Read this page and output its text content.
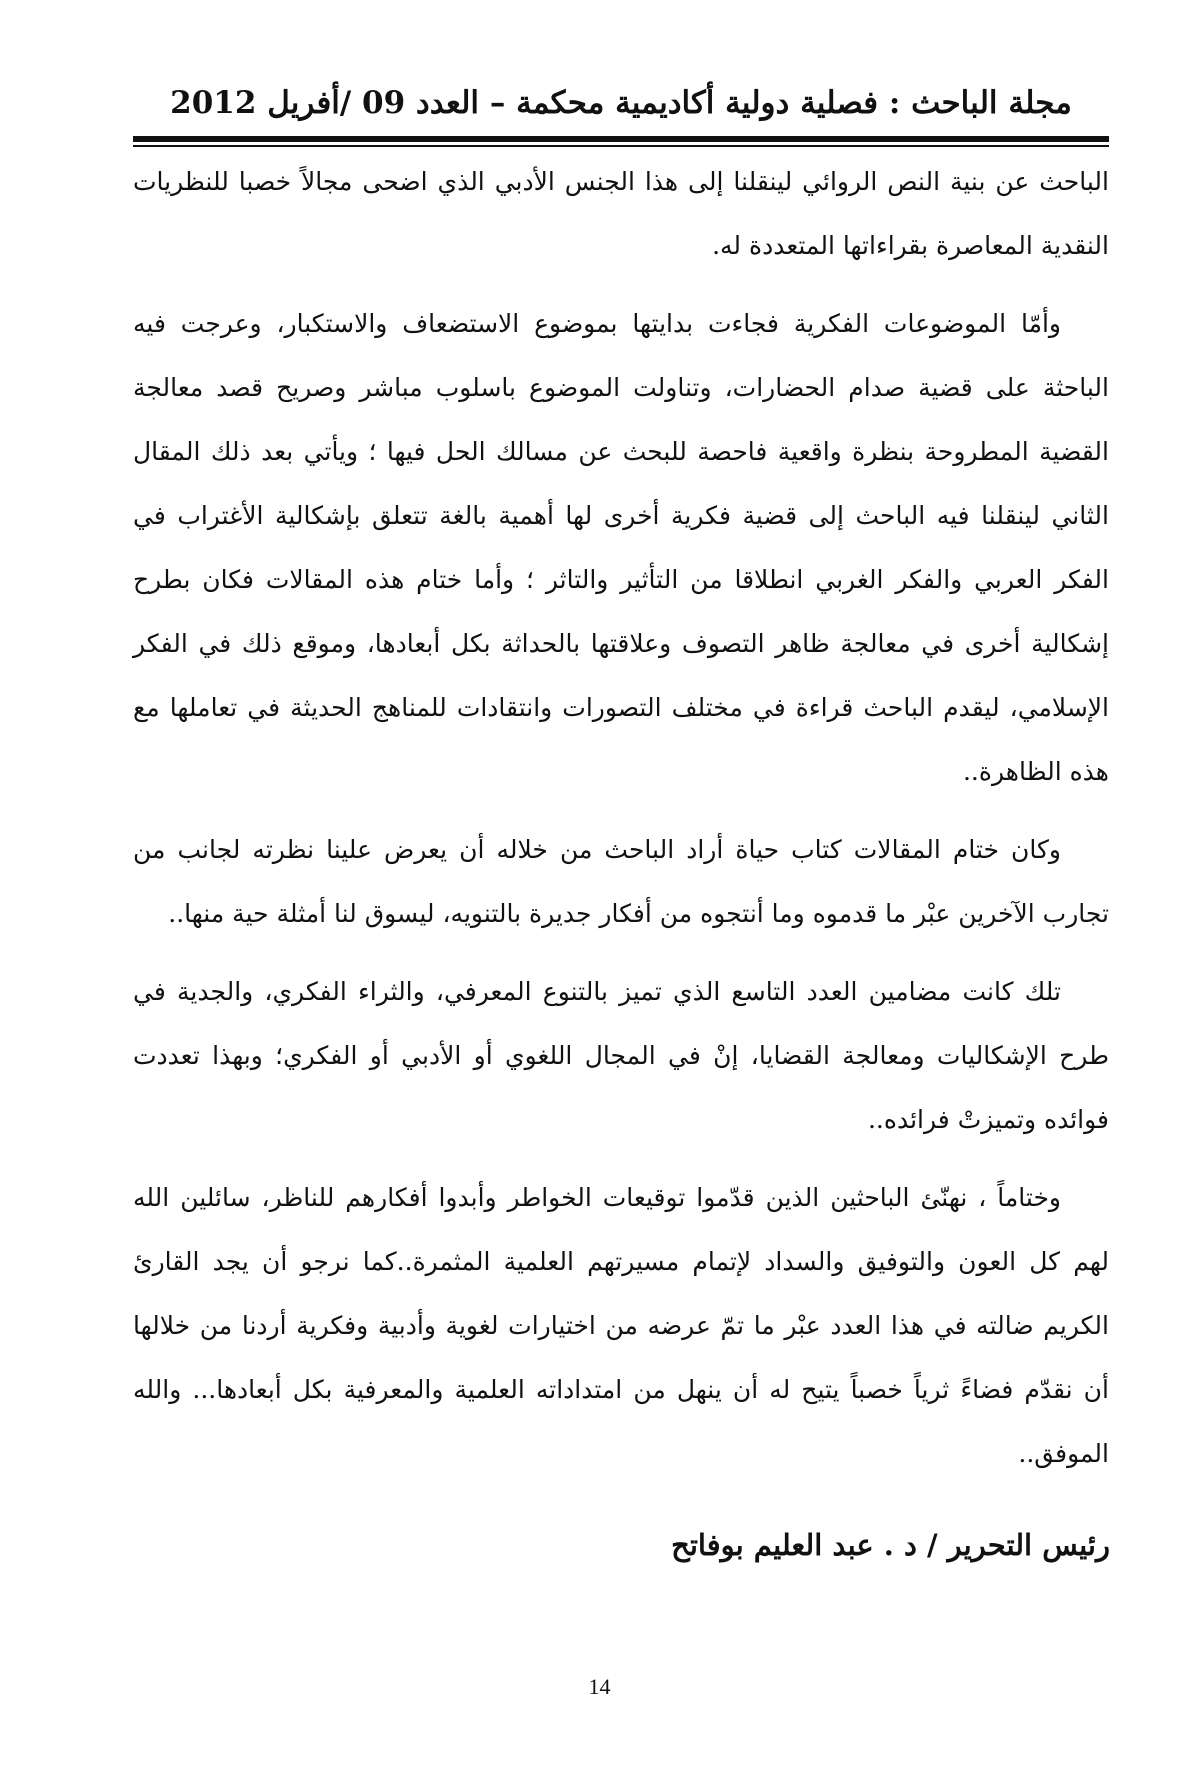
مجلة الباحث : فصلية دولية أكاديمية محكمة – العدد 09 /أفريل 2012

الباحث عن بنية النص الروائي لينقلنا إلى هذا الجنس الأدبي الذي اضحى مجالاً خصبا للنظريات النقدية المعاصرة بقراءاتها المتعددة له.

وأمّا الموضوعات الفكرية فجاءت بدايتها بموضوع الاستضعاف والاستكبار، وعرجت فيه الباحثة على قضية صدام الحضارات، وتناولت الموضوع باسلوب مباشر وصريح قصد معالجة القضية المطروحة بنظرة واقعية فاحصة للبحث عن مسالك الحل فيها ؛ ويأتي بعد ذلك المقال الثاني لينقلنا فيه الباحث إلى قضية فكرية أخرى لها أهمية بالغة تتعلق بإشكالية الأغتراب في الفكر العربي والفكر الغربي انطلاقا من التأثير والتاثر ؛ وأما ختام هذه المقالات فكان بطرح إشكالية أخرى في معالجة ظاهر التصوف وعلاقتها بالحداثة بكل أبعادها، وموقع ذلك في الفكر الإسلامي، ليقدم الباحث قراءة في مختلف التصورات وانتقادات للمناهج الحديثة في تعاملها مع هذه الظاهرة..

وكان ختام المقالات كتاب حياة أراد الباحث من خلاله أن يعرض علينا نظرته لجانب من تجارب الآخرين عبْر ما قدموه وما أنتجوه من أفكار جديرة بالتنويه، ليسوق لنا أمثلة حية منها..

تلك كانت مضامين العدد التاسع الذي تميز بالتنوع المعرفي، والثراء الفكري، والجدية في طرح الإشكاليات ومعالجة القضايا، إنْ في المجال اللغوي أو الأدبي أو الفكري؛ وبهذا تعددت فوائده وتميزتْ فرائده..

وختاماً ، نهنّئ الباحثين الذين قدّموا توقيعات الخواطر وأبدوا أفكارهم للناظر، سائلين الله لهم كل العون والتوفيق والسداد لإتمام مسيرتهم العلمية المثمرة..كما نرجو أن يجد القارئ الكريم ضالته في هذا العدد عبْر ما تمّ عرضه من اختيارات لغوية وأدبية وفكرية أردنا من خلالها أن نقدّم فضاءً ثرياً خصباً يتيح له أن ينهل من امتداداته العلمية والمعرفية بكل أبعادها... والله الموفق..

رئيس التحرير / د . عبد العليم بوفاتح
14
